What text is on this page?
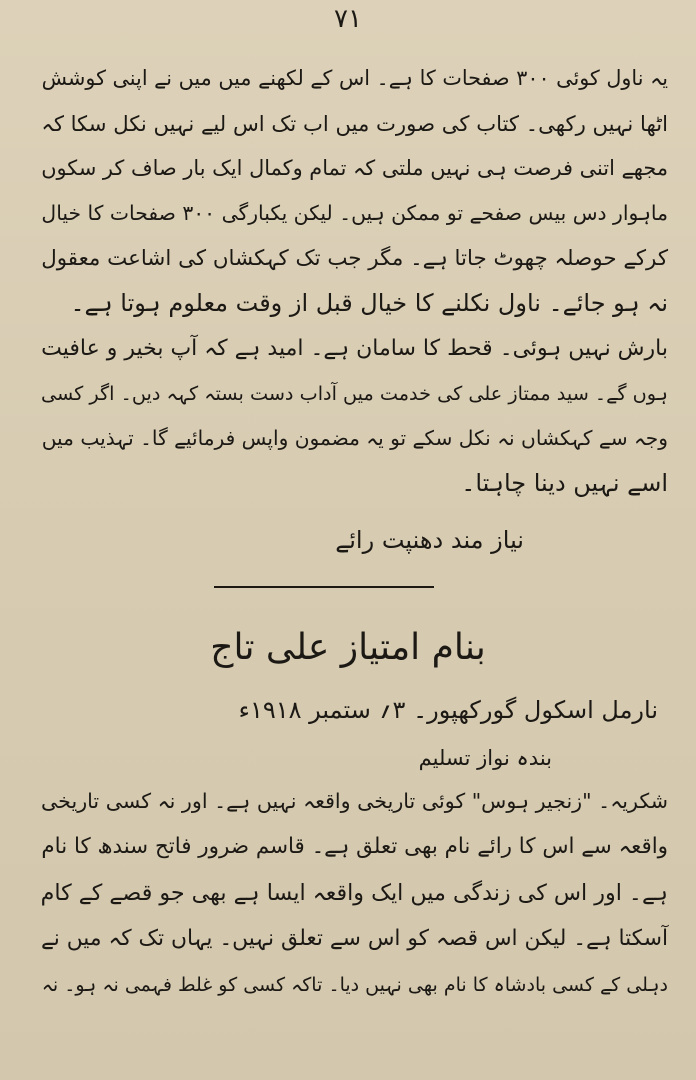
۷۱
یہ ناول کوئی ۳۰۰ صفحات کا ہے۔ اس کے لکھنے میں میں نے اپنی کوشش
اٹھا نہیں رکھی۔ کتاب کی صورت میں اب تک اس لیے نہیں نکل سکا کہ
مجھے اتنی فرصت ہی نہیں ملتی کہ تمام وکمال ایک بار صاف کر سکوں
ماہوار دس بیس صفحے تو ممکن ہیں۔ لیکن یکبارگی ۳۰۰ صفحات کا خیال
کرکے حوصلہ چھوٹ جاتا ہے۔ مگر جب تک کہکشاں کی اشاعت معقول
نہ ہو جائے۔ ناول نکلنے کا خیال قبل از وقت معلوم ہوتا ہے۔
بارش نہیں ہوئی۔ قحط کا سامان ہے۔ امید ہے کہ آپ بخیر و عافیت
ہوں گے۔ سید ممتاز علی کی خدمت میں آداب دست بستہ کہہ دیں۔ اگر کسی
وجہ سے کہکشاں نہ نکل سکے تو یہ مضمون واپس فرمائیے گا۔ تہذیب میں
اسے نہیں دینا چاہتا۔
نیاز مند دھنپت رائے
بنام امتیاز علی تاج
نارمل اسکول گورکھپور۔ ۳؍ ستمبر ۱۹۱۸ء
بندہ نواز تسلیم
شکریہ۔ "زنجیر ہوس" کوئی تاریخی واقعہ نہیں ہے۔ اور نہ کسی تاریخی
واقعہ سے اس کا رائے نام بھی تعلق ہے۔ قاسم ضرور فاتح سندھ کا نام
ہے۔ اور اس کی زندگی میں ایک واقعہ ایسا ہے بھی جو قصے کے کام
آسکتا ہے۔ لیکن اس قصہ کو اس سے تعلق نہیں۔ یہاں تک کہ میں نے
دہلی کے کسی بادشاہ کا نام بھی نہیں دیا۔ تاکہ کسی کو غلط فہمی نہ ہو۔ نہ
